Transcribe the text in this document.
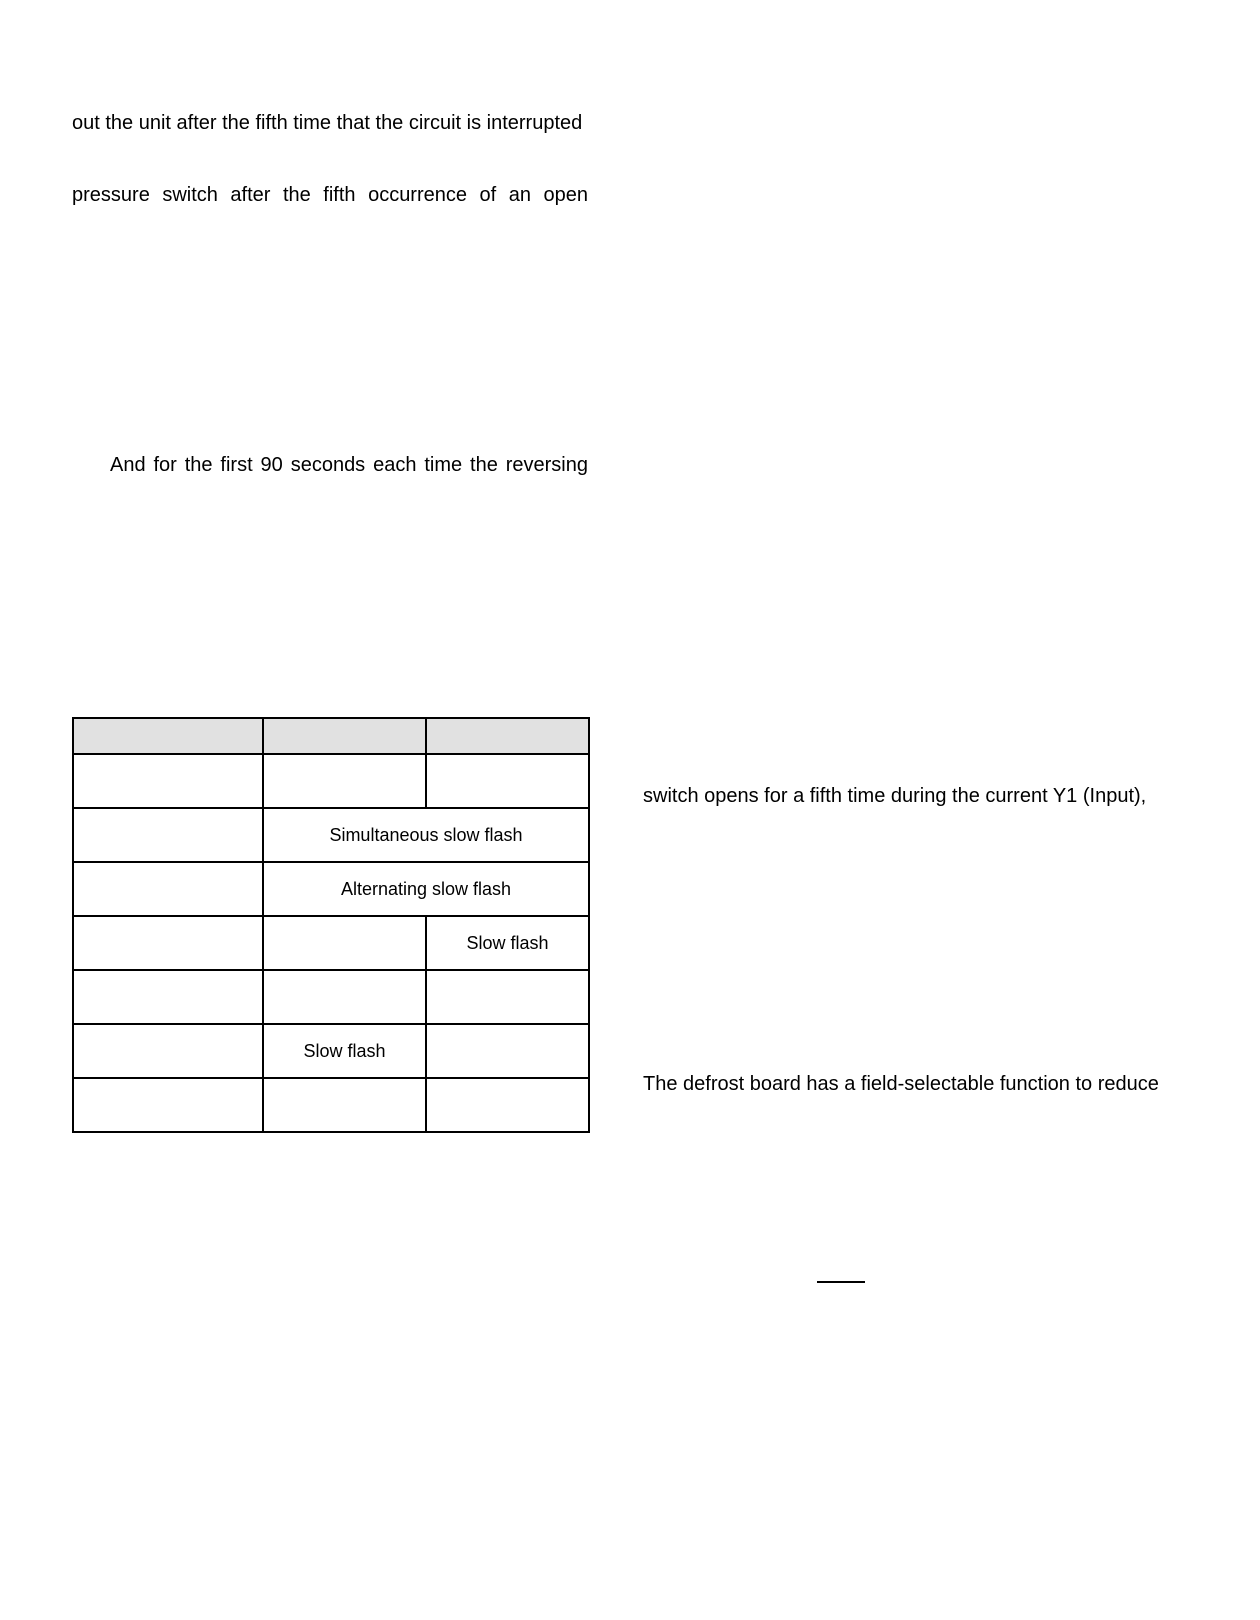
out the unit after the fifth time that the circuit is interrupted
pressure switch after the fifth occurrence of an open
And for the first 90 seconds each time the reversing

	Simultaneous slow flash	
	Alternating slow flash	
		Slow flash

	Slow flash	

switch opens for a fifth time during the current Y1 (Input),
The defrost board has a field-selectable function to reduce
